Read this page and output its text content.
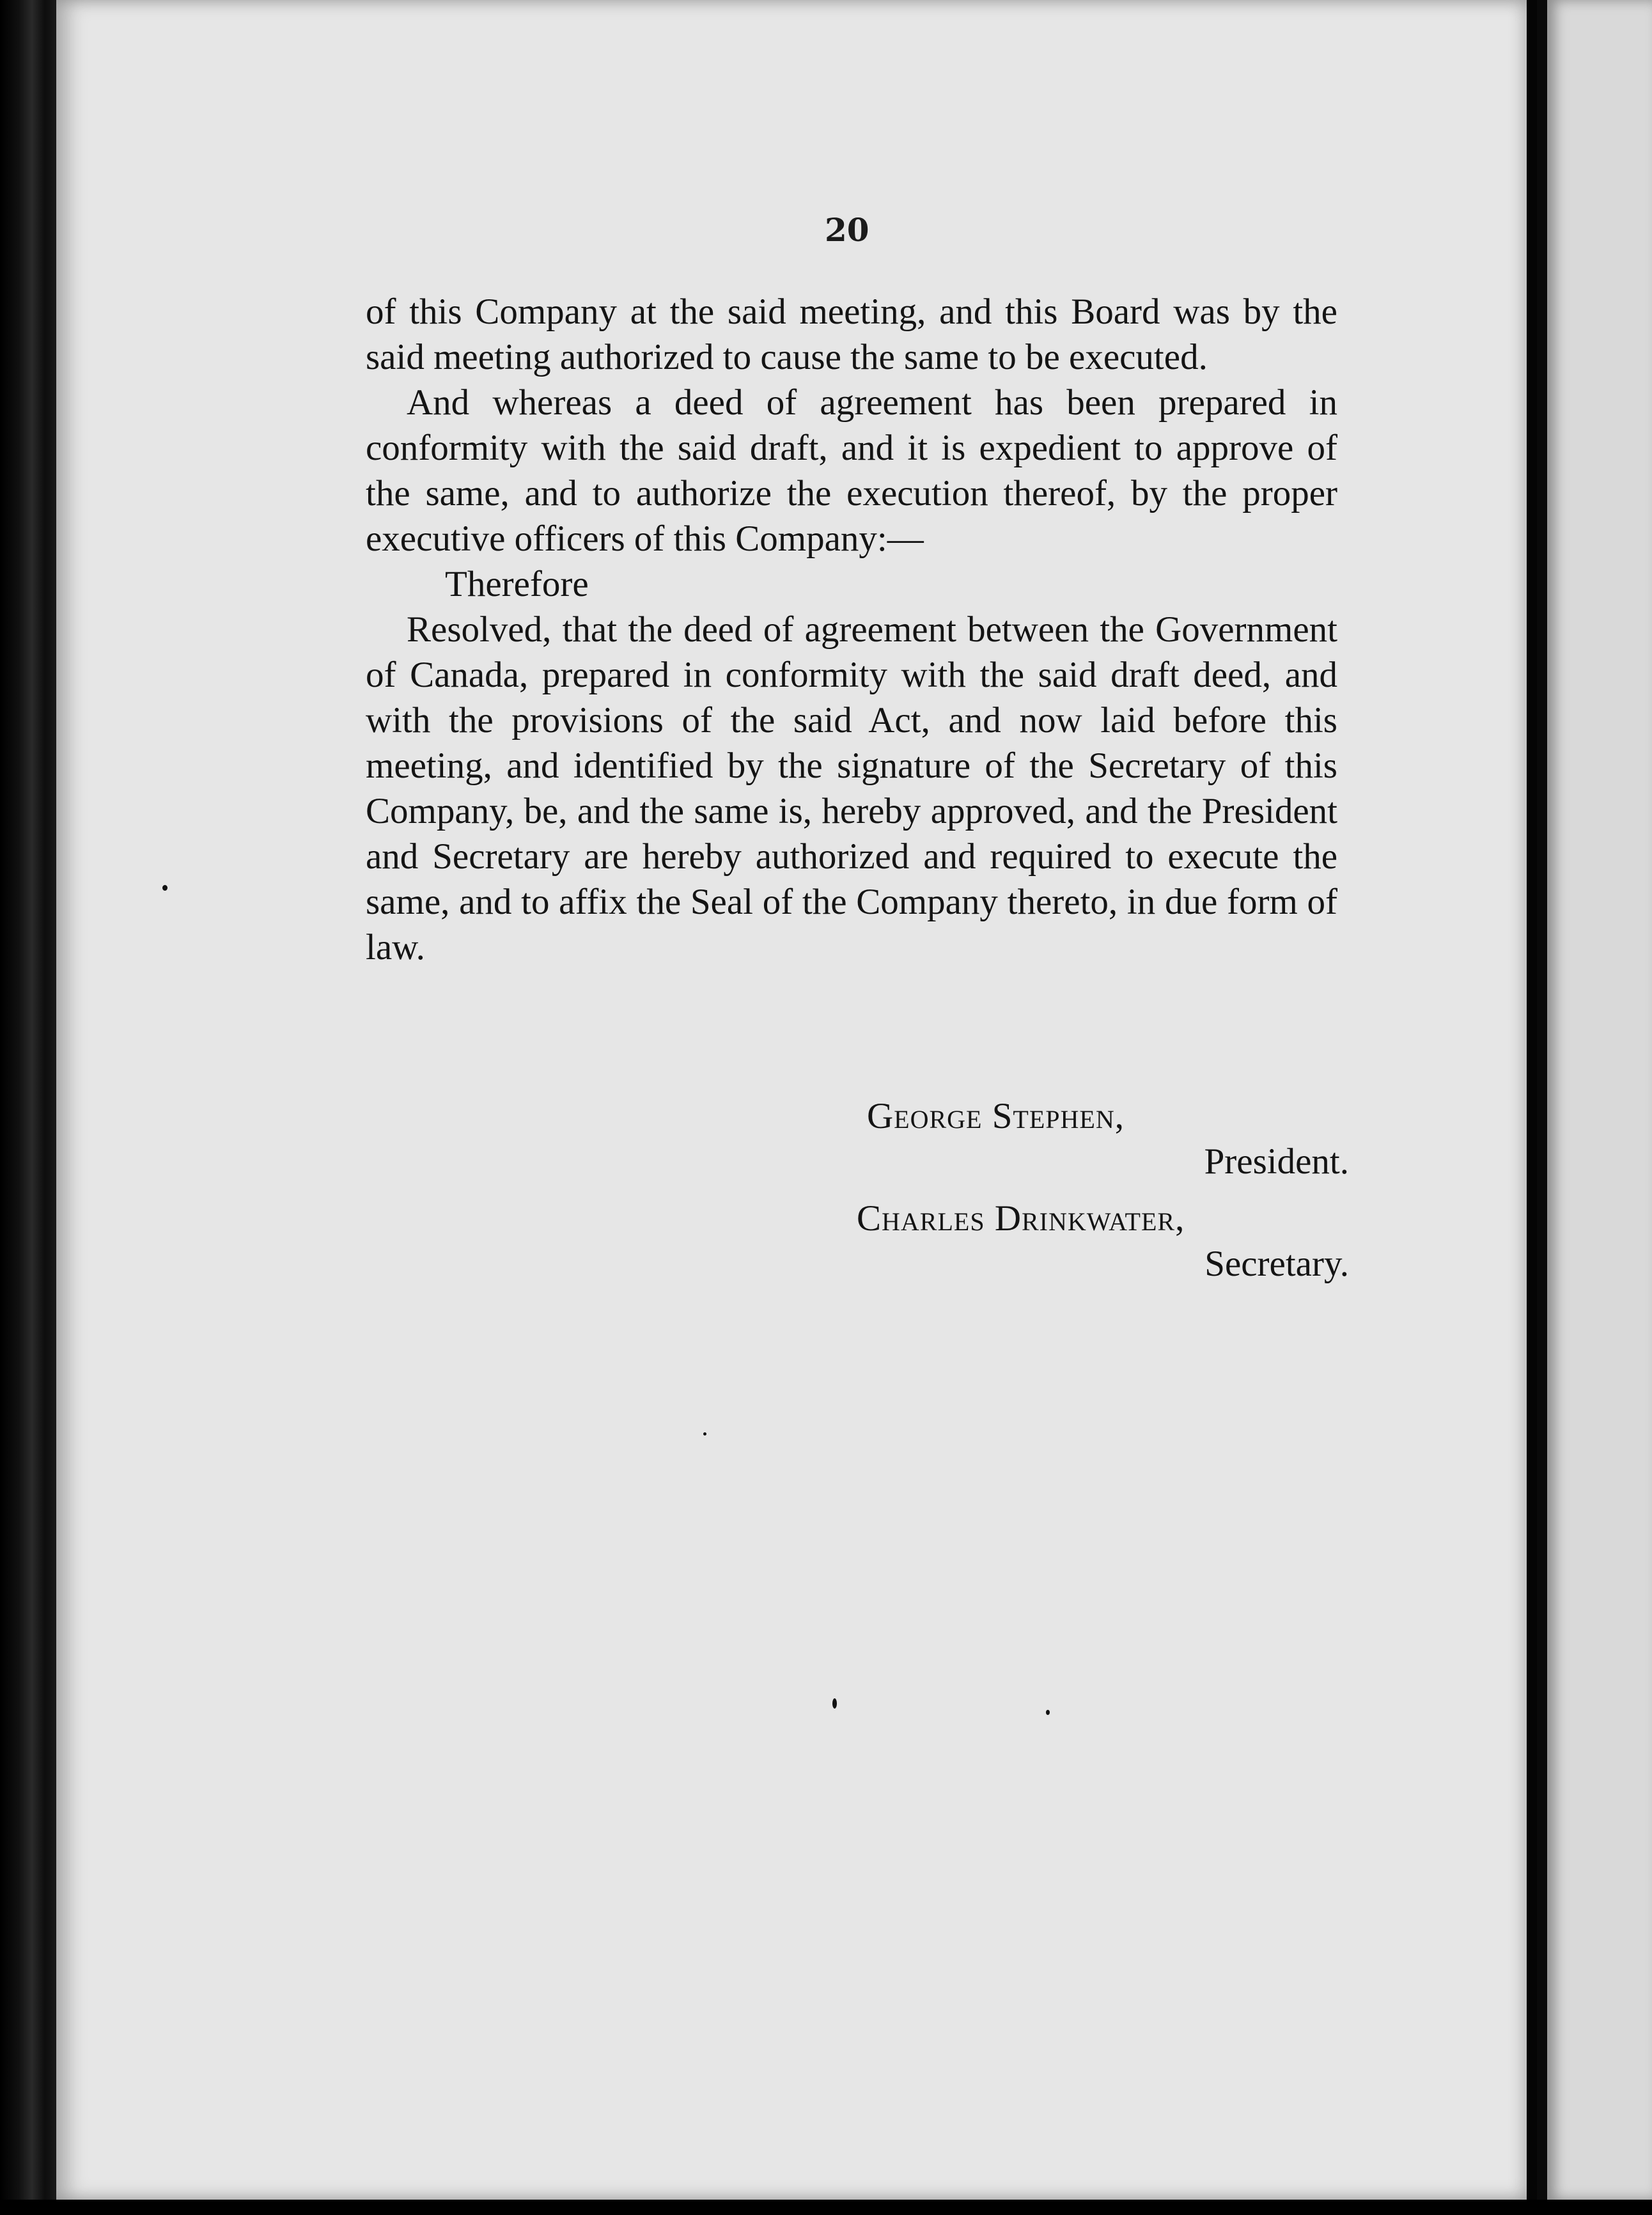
20

of this Company at the said meeting, and this Board was by the said meeting authorized to cause the same to be executed.

And whereas a deed of agreement has been prepared in conformity with the said draft, and it is expedient to approve of the same, and to authorize the execution thereof, by the proper executive officers of this Company:—

Therefore

Resolved, that the deed of agreement between the Government of Canada, prepared in conformity with the said draft deed, and with the provisions of the said Act, and now laid before this meeting, and identified by the signature of the Secretary of this Company, be, and the same is, hereby approved, and the President and Secretary are hereby authorized and required to execute the same, and to affix the Seal of the Company thereto, in due form of law.

George Stephen,
President.
Charles Drinkwater,
Secretary.
